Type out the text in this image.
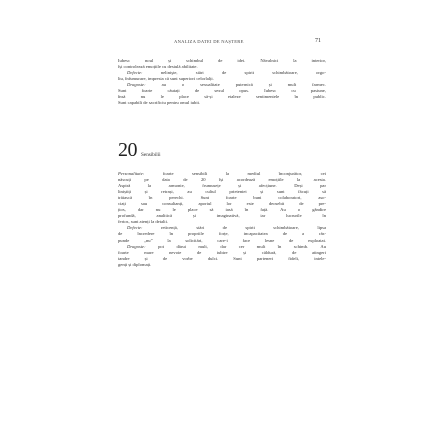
ANALIZA DATEI DE NAȘTERE	71
Iubesc noul și schimbul de idei. Năvalnici la interior,
își controlează emoțiile cu destulă abilitate.
Defecte: nelinişte, stări de spirit schimbătoare, orgo-
liu, înfumurare, impresia că sunt superiori celorlalți.
Dragoste: au o sexualitate puternică și mult farmec.
Sunt foarte căutați de sexul opus. Iubesc cu pasiune,
însă nu le place să-și etaleze sentimentele în public.
Sunt capabili de sacrificiu pentru omul iubit.
20 Sensibilii
Personalitate: foarte sensibili la mediul înconjurător, cei
născuți pe data de 20 își acordează emoțiile la acesta.
Aspiră la armonie, frumusețe și afecțiune. Deși par
liniștiți și retrași, au cultul prieteniei și sunt făcuți să
trăiască în perechi. Sunt foarte buni colaboratori, aso-
ciați sau consultanți, aportul lor este deosebit de pre-
țios, dar nu le place să iasă în față. Au o gândire
profundă, analitică și imaginativă, iar lucrurile în
ferios, sunt atenți la detalii.
Defecte: reticență, stări de spirit schimbătoare, lipsa
de încredere în propriile forțe, incapacitatea de a răs-
punde „nu” la solicitări, care-i face lesne de exploatat.
Dragoste: pot dărui mult, dar cer mult în schimb. Au
foarte mare nevoie de iubire și căldură, de atingeri
tandre și de vorbe dulci. Sunt parteneri fideli, intele-
genți și diplomați.
